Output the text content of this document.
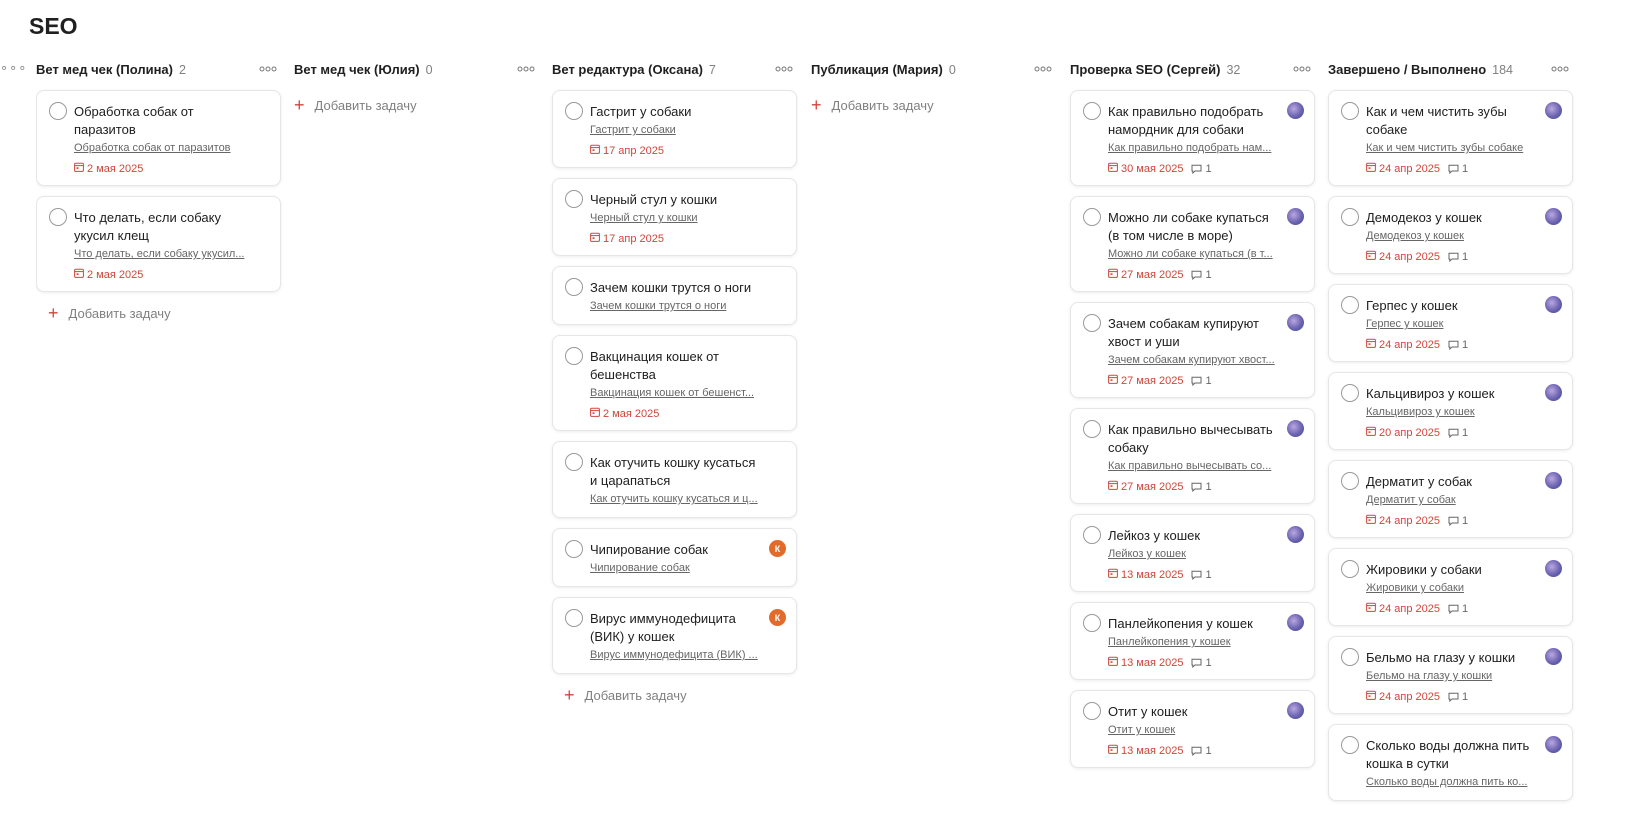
SEO
Вет мед чек (Полина) 2
Обработка собак от паразитов
Обработка собак от паразитов
2 мая 2025
Что делать, если собаку укусил клещ
Что делать, если собаку укусил...
2 мая 2025
+ Добавить задачу
Вет мед чек (Юлия) 0
+ Добавить задачу
Вет редактура (Оксана) 7
Гастрит у собаки
Гастрит у собаки
17 апр 2025
Черный стул у кошки
Черный стул у кошки
17 апр 2025
Зачем кошки трутся о ноги
Зачем кошки трутся о ноги
Вакцинация кошек от бешенства
Вакцинация кошек от бешенст...
2 мая 2025
Как отучить кошку кусаться и царапаться
Как отучить кошку кусаться и ц...
К
Чипирование собак
Чипирование собак
К
Вирус иммунодефицита (ВИК) у кошек
Вирус иммунодефицита (ВИК) ...
+ Добавить задачу
Публикация (Мария) 0
+ Добавить задачу
Проверка SEO (Сергей) 32
Как правильно подобрать намордник для собаки
Как правильно подобрать нам...
30 мая 2025 1
Можно ли собаке купаться (в том числе в море)
Можно ли собаке купаться (в т...
27 мая 2025 1
Зачем собакам купируют хвост и уши
Зачем собакам купируют хвост...
27 мая 2025 1
Как правильно вычесывать собаку
Как правильно вычесывать со...
27 мая 2025 1
Лейкоз у кошек
Лейкоз у кошек
13 мая 2025 1
Панлейкопения у кошек
Панлейкопения у кошек
13 мая 2025 1
Отит у кошек
Отит у кошек
13 мая 2025 1
Завершено / Выполнено 184
Как и чем чистить зубы собаке
Как и чем чистить зубы собаке
24 апр 2025 1
Демодекоз у кошек
Демодекоз у кошек
24 апр 2025 1
Герпес у кошек
Герпес у кошек
24 апр 2025 1
Кальцивироз у кошек
Кальцивироз у кошек
20 апр 2025 1
Дерматит у собак
Дерматит у собак
24 апр 2025 1
Жировики у собаки
Жировики у собаки
24 апр 2025 1
Бельмо на глазу у кошки
Бельмо на глазу у кошки
24 апр 2025 1
Сколько воды должна пить кошка в сутки
Сколько воды должна пить ко...
∘∘∘
